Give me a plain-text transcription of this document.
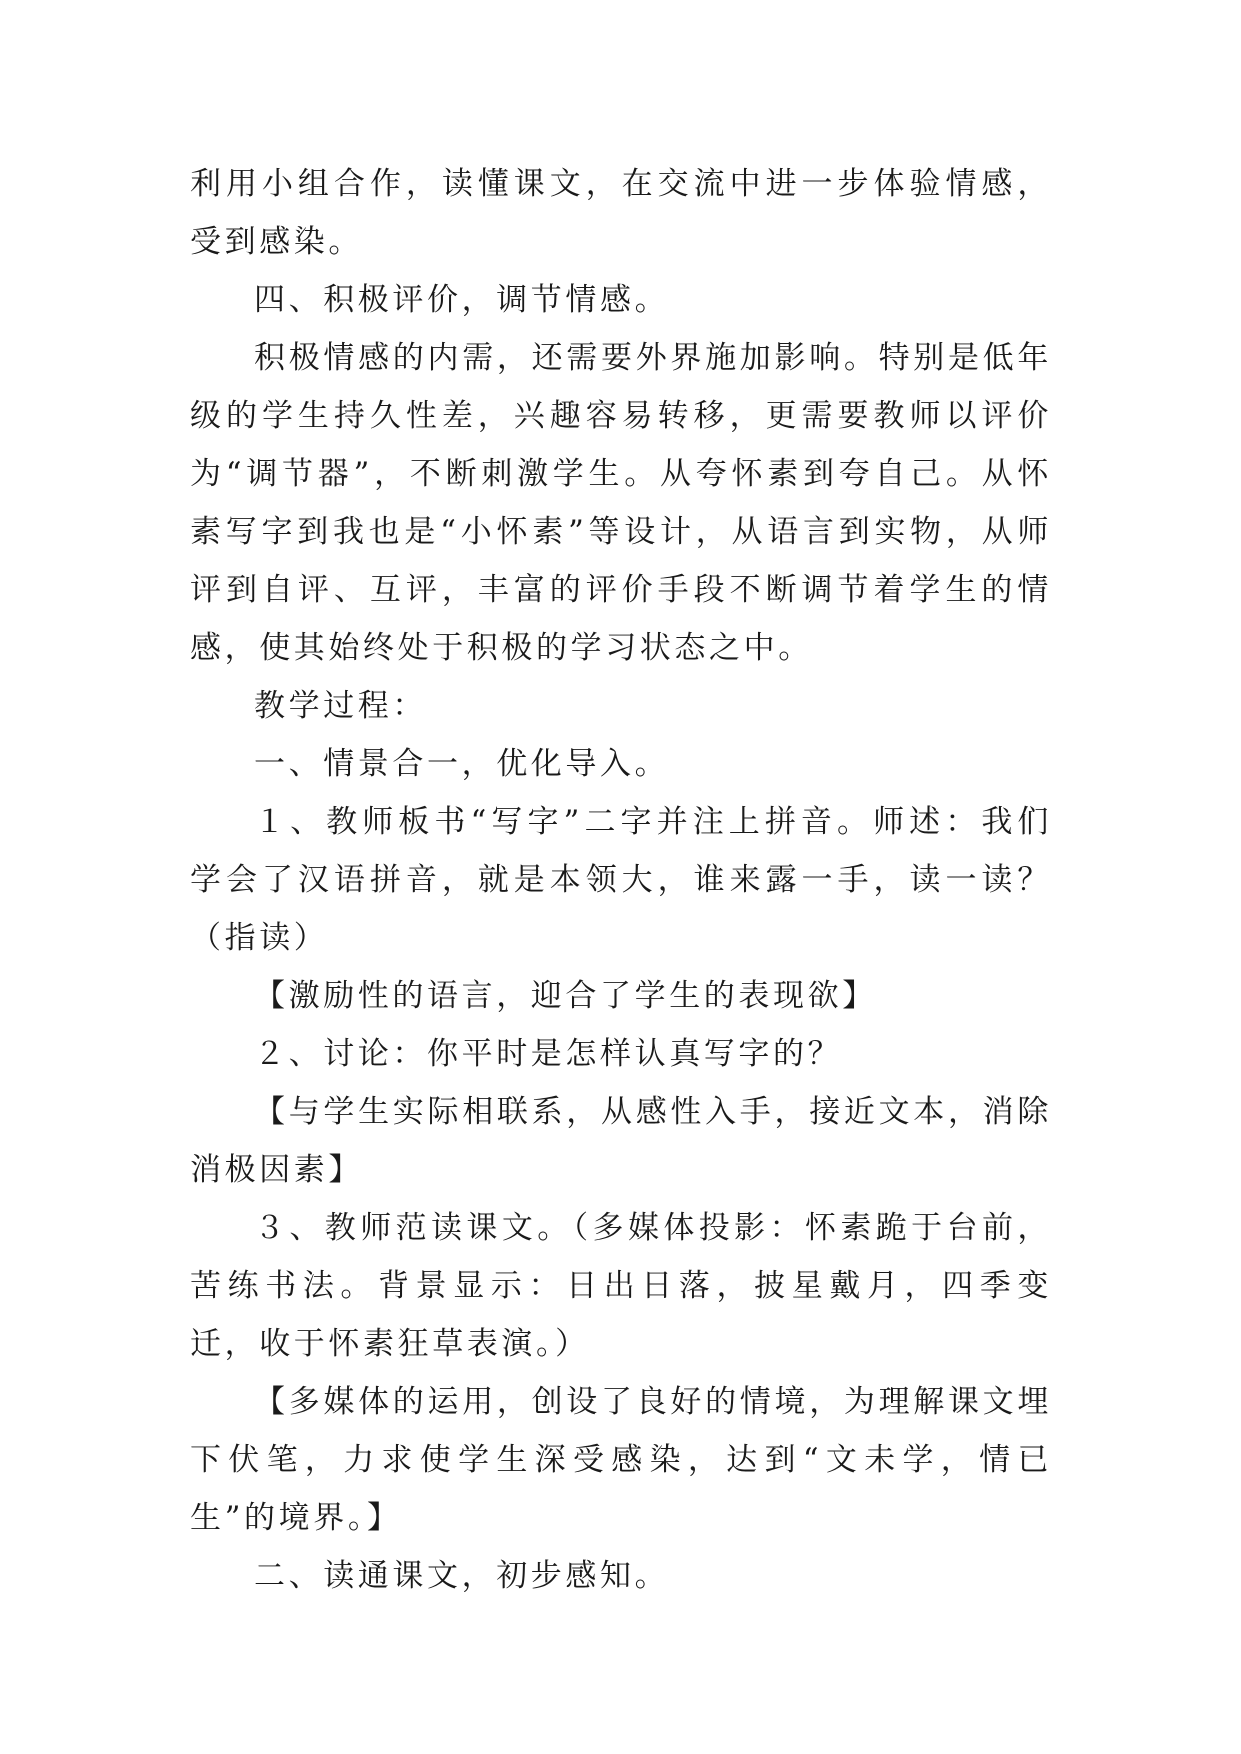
利用小组合作，读懂课文，在交流中进一步体验情感，受到感染。

四、积极评价，调节情感。

积极情感的内需，还需要外界施加影响。特别是低年级的学生持久性差，兴趣容易转移，更需要教师以评价为“调节器”，不断刺激学生。从夸怀素到夸自己。从怀素写字到我也是“小怀素”等设计，从语言到实物，从师评到自评、互评，丰富的评价手段不断调节着学生的情感，使其始终处于积极的学习状态之中。

教学过程：

一、情景合一，优化导入。

１、教师板书“写字”二字并注上拼音。师述：我们学会了汉语拼音，就是本领大，谁来露一手，读一读？（指读）

【激励性的语言，迎合了学生的表现欲】

２、讨论：你平时是怎样认真写字的？

【与学生实际相联系，从感性入手，接近文本，消除消极因素】

３、教师范读课文。（多媒体投影：怀素跪于台前，苦练书法。背景显示：日出日落，披星戴月，四季变迁，收于怀素狂草表演。）

【多媒体的运用，创设了良好的情境，为理解课文埋下伏笔，力求使学生深受感染，达到“文未学，情已生”的境界。】

二、读通课文，初步感知。
